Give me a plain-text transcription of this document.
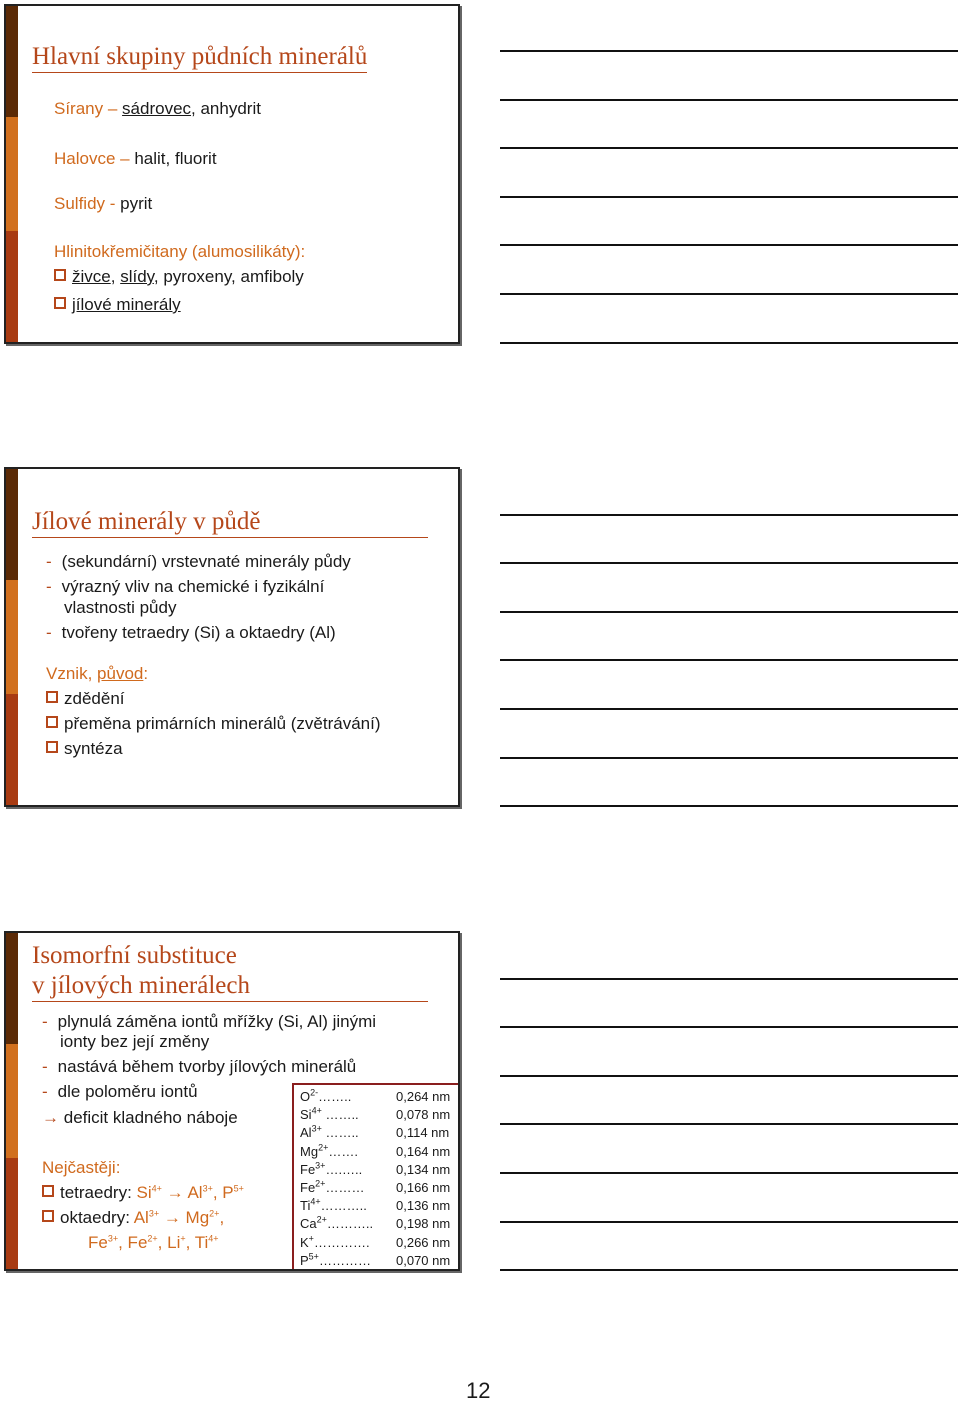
Hlavní skupiny půdních minerálů
Sírany – sádrovec, anhydrit
Halovce – halit, fluorit
Sulfidy - pyrit
Hlinitokřemičitany (alumosilikáty):
živce, slídy, pyroxeny, amfiboly
jílové minerály
Jílové minerály v půdě
- (sekundární) vrstevnaté minerály půdy
- výrazný vliv na chemické i fyzikální
vlastnosti půdy
- tvořeny tetraedry (Si) a oktaedry (Al)
Vznik, původ:
zdědění
přeměna primárních minerálů (zvětrávání)
syntéza
Isomorfní substituce
v jílových minerálech
- plynulá záměna iontů mřížky (Si, Al) jinými
ionty bez její změny
- nastává během tvorby jílových minerálů
- dle poloměru iontů
→ deficit kladného náboje
Nejčastěji:
tetraedry: $Si^{4+} \to Al^{3+}$, $P^{5+}$
oktaedry: $Al^{3+} \to Mg^{2+}$,
$Fe^{3+}$, $Fe^{2+}$, Li+, $Ti^{4+}$
$O^{2-}\dots\dots$..	0,264 nm
$Si^{4+}$ ……..	0,078 nm
$Al^{3+}$ ……..	0,114 nm
$Mg^{2+}\dots\dots$.	0,164 nm
$Fe^{3+}\dots.\dots$..	0,134 nm
$Fe^{2+}\dots\dots\dots$ 0,166 nm
$Ti^{4+}\dots\dots\dots$.. 0,136 nm
$Ca^{2+}\dots\dots\dots$.. 0,198 nm
K+…………. 0,266 nm
$P^{5+}\dots\dots\dots\dots$ 0,070 nm
12
